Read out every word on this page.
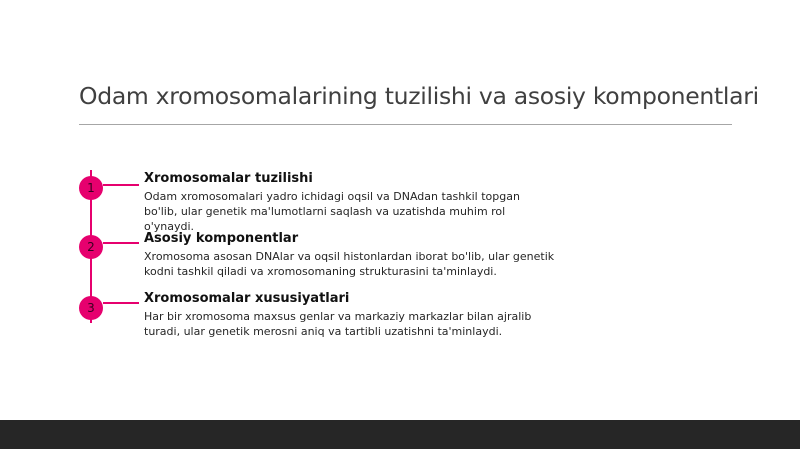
Odam xromosomalarining tuzilishi va asosiy komponentlari
1

Xromosomalar tuzilishi

Odam xromosomalari yadro ichidagi oqsil va DNAdan tashkil topgan bo'lib, ular genetik ma'lumotlarni saqlash va uzatishda muhim rol o'ynaydi.

2

Asosiy komponentlar

Xromosoma asosan DNAlar va oqsil histonlardan iborat bo'lib, ular genetik kodni tashkil qiladi va xromosomaning strukturasini ta'minlaydi.

3

Xromosomalar xususiyatlari

Har bir xromosoma maxsus genlar va markaziy markazlar bilan ajralib turadi, ular genetik merosni aniq va tartibli uzatishni ta'minlaydi.
